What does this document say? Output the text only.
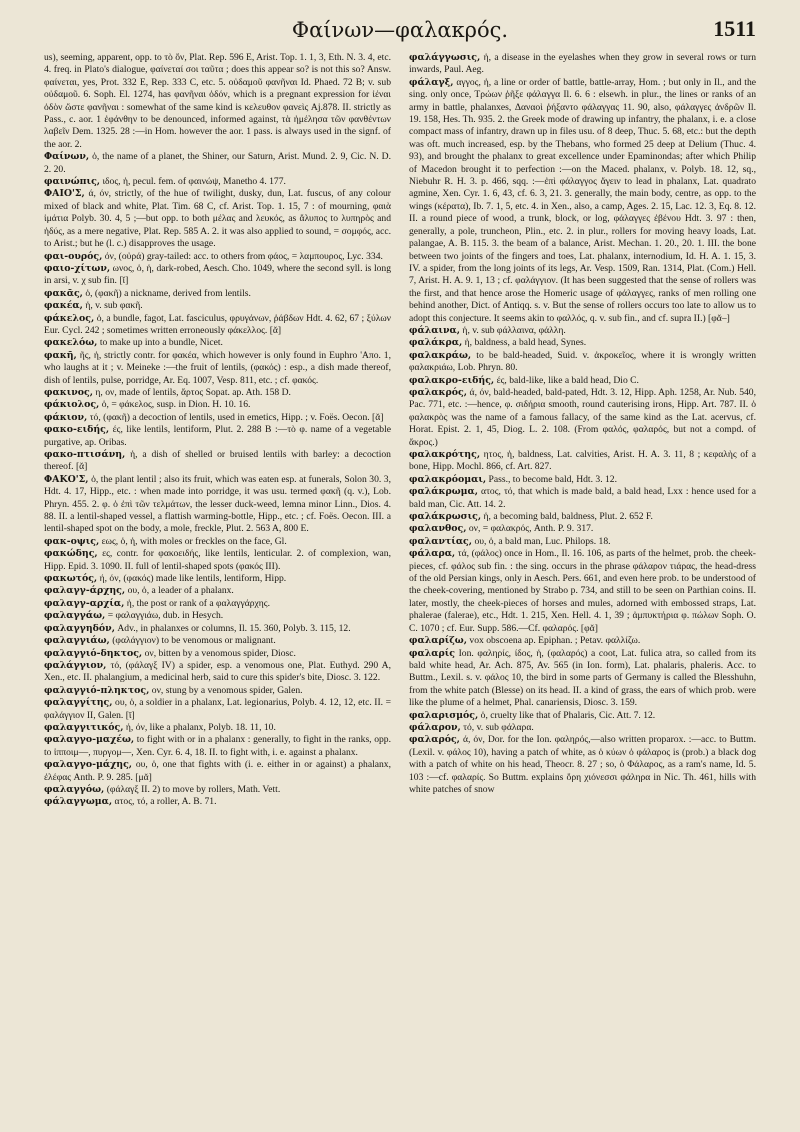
Φαίνων—φαλακρός.	1511

us), seeming, apparent, opp. to τὸ ὄν, Plat. Rep. 596 E, Arist. Top. 1. 1, 3, Eth. N. 3. 4, etc. 4. freq. in Plato's dialogue, φαίνεταί σοι ταῦτα ; does this appear so? is not this so? Answ. φαίνεται, yes, Prot. 332 E, Rep. 333 C, etc. 5. οὐδαμοῦ φανῆναι Id. Phaed. 72 B; v. sub οὐδαμοῦ. 6. Soph. El. 1274, has φανῆναι ὁδόν, which is a pregnant expression for ἰέναι ὁδὸν ὥστε φανῆναι : somewhat of the same kind is κελευθον φανεὶς Aj.878. II. strictly as Pass., c. aor. 1 ἐφάνθην to be denounced, informed against, τὰ ἠμέλησα τῶν φανθέντων λαβεῖν Dem. 1325. 28 :—in Hom. however the aor. 1 pass. is always used in the signf. of the aor. 2.

Φαίνων, ὁ, the name of a planet, the Shiner, our Saturn, Arist. Mund. 2. 9, Cic. N. D. 2. 20.

φαινώπις, ιδος, ἡ, pecul. fem. of φαινώψ, Manetho 4. 177.

ΦΑΙΟ'Σ, ά, όν, strictly, of the hue of twilight, dusky, dun, Lat. fuscus, of any colour mixed of black and white, Plat. Tim. 68 C, cf. Arist. Top. 1. 15, 7 : of mourning, φαιὰ ἱμάτια Polyb. 30. 4, 5 ;—but opp. to both μέλας and λευκός, as ἄλυπος to λυπηρὸς and ἡδύς, as a mere negative, Plat. Rep. 585 A. 2. it was also applied to sound, = σομφός, acc. to Arist.; but he (l. c.) disapproves the usage.

φαι-ουρός, όν, (οὐρά) gray-tailed: acc. to others from φάος, = λαμπουρος, Lyc. 334.

φαιο-χίτων, ωνος, ὁ, ἡ, dark-robed, Aesch. Cho. 1049, where the second syll. is long in arsi, v. χ sub fin. [ῐ]

φακᾶς, ὁ, (φακῆ) a nickname, derived from lentils.

φακέα, ἡ, v. sub φακῆ.

φάκελος, ὁ, a bundle, fagot, Lat. fasciculus, φρυγάνων, ῥάβδων Hdt. 4. 62, 67 ; ξύλων Eur. Cycl. 242 ; sometimes written erroneously φάκελλος. [ᾰ]

φακελόω, to make up into a bundle, Nicet.

φακῆ, ῆς, ἡ, strictly contr. for φακέα, which however is only found in Euphro 'Απο. 1, who laughs at it ; v. Meineke :—the fruit of lentils, (φακός) : esp., a dish made thereof, dish of lentils, pulse, porridge, Ar. Eq. 1007, Vesp. 811, etc. ; cf. φακός.

φακινος, η, ον, made of lentils, ἄρτος Sopat. ap. Ath. 158 D.

φάκιολος, ὁ, = φάκελος, susp. in Dion. H. 10. 16.

φάκιον, τό, (φακῆ) a decoction of lentils, used in emetics, Hipp. ; v. Foës. Oecon. [ᾰ]

φακο-ειδής, ές, like lentils, lentiform, Plut. 2. 288 B :—τὸ φ. name of a vegetable purgative, ap. Oribas.

φακο-πτισάνη, ἡ, a dish of shelled or bruised lentils with barley: a decoction thereof. [ᾰ]

ΦΑΚΟ'Σ, ὁ, the plant lentil ; also its fruit, which was eaten esp. at funerals, Solon 30. 3, Hdt. 4. 17, Hipp., etc. : when made into porridge, it was usu. termed φακῆ (q. v.), Lob. Phryn. 455. 2. φ. ὁ ἐπὶ τῶν τελμάτων, the lesser duck-weed, lemna minor Linn., Dios. 4. 88. II. a lentil-shaped vessel, a flattish warming-bottle, Hipp., etc. ; cf. Foës. Oecon. III. a lentil-shaped spot on the body, a mole, freckle, Plut. 2. 563 A, 800 E.

φακ-οψις, εως, ὁ, ἡ, with moles or freckles on the face, Gl.

φακώδης, ες, contr. for φακοειδής, like lentils, lenticular. 2. of complexion, wan, Hipp. Epid. 3. 1090. II. full of lentil-shaped spots (φακός III).

φακωτός, ή, όν, (φακός) made like lentils, lentiform, Hipp.

φαλαγγ-άρχης, ου, ὁ, a leader of a phalanx.

φαλαγγ-αρχία, ἡ, the post or rank of a φαλαγγάρχης.

φαλαγγάω, = φαλαγγιάω, dub. in Hesych.

φαλαγγηδόν, Adv., in phalanxes or columns, Il. 15. 360, Polyb. 3. 115, 12.

φαλαγγιάω, (φαλάγγιον) to be venomous or malignant.

φαλαγγιό-δηκτος, ον, bitten by a venomous spider, Diosc.

φαλάγγιον, τό, (φάλαγξ IV) a spider, esp. a venomous one, Plat. Euthyd. 290 A, Xen., etc. II. phalangium, a medicinal herb, said to cure this spider's bite, Diosc. 3. 122.

φαλαγγιό-πληκτος, ον, stung by a venomous spider, Galen.

φαλαγγίτης, ου, ὁ, a soldier in a phalanx, Lat. legionarius, Polyb. 4. 12, 12, etc. II. = φαλάγγιον II, Galen. [ῑ]

φαλαγγιτικός, ή, όν, like a phalanx, Polyb. 18. 11, 10.

φαλαγγο-μαχέω, to fight with or in a phalanx : generally, to fight in the ranks, opp. to ἱπποιμ—, πυργομ—, Xen. Cyr. 6. 4, 18. II. to fight with, i. e. against a phalanx.

φαλαγγο-μάχης, ου, ὁ, one that fights with (i. e. either in or against) a phalanx, ἐλέφας Anth. P. 9. 285. [μᾰ]

φαλαγγόω, (φάλαγξ II. 2) to move by rollers, Math. Vett.

φάλαγγωμα, ατος, τό, a roller, A. B. 71.

φαλάγγωσις, ἡ, a disease in the eyelashes when they grow in several rows or turn inwards, Paul. Aeg.

φάλαγξ, αγγος, ἡ, a line or order of battle, battle-array, Hom. ; but only in Il., and the sing. only once, Τρώων ῥῆξε φάλαγγα Il. 6. 6 : elsewh. in plur., the lines or ranks of an army in battle, phalanxes, Δαναοὶ ῥήξαντο φάλαγγας 11. 90, also, φάλαγγες ἀνδρῶν Il. 19. 158, Hes. Th. 935. 2. the Greek mode of drawing up infantry, the phalanx, i. e. a close compact mass of infantry, drawn up in files usu. of 8 deep, Thuc. 5. 68, etc.: but the depth was oft. much increased, esp. by the Thebans, who formed 25 deep at Delium (Thuc. 4. 93), and brought the phalanx to great excellence under Epaminondas; after which Philip of Macedon brought it to perfection :—on the Maced. phalanx, v. Polyb. 18. 12, sq., Niebuhr R. H. 3. p. 466, sqq. :—ἐπὶ φάλαγγος ἄγειν to lead in phalanx, Lat. quadrato agmine, Xen. Cyr. 1. 6, 43, cf. 6. 3, 21. 3. generally, the main body, centre, as opp. to the wings (κέρατα), Ib. 7. 1, 5, etc. 4. in Xen., also, a camp, Ages. 2. 15, Lac. 12. 3, Eq. 8. 12. II. a round piece of wood, a trunk, block, or log, φάλαγγες ἐβένου Hdt. 3. 97 : then, generally, a pole, truncheon, Plin., etc. 2. in plur., rollers for moving heavy loads, Lat. palangae, A. B. 115. 3. the beam of a balance, Arist. Mechan. 1. 20., 20. 1. III. the bone between two joints of the fingers and toes, Lat. phalanx, internodium, Id. H. A. 1. 15, 3. IV. a spider, from the long joints of its legs, Ar. Vesp. 1509, Ran. 1314, Plat. (Com.) Hell. 7, Arist. H. A. 9. 1, 13 ; cf. φαλάγγιον. (It has been suggested that the sense of rollers was the first, and that hence arose the Homeric usage of φάλαγγες, ranks of men rolling one behind another, Dict. of Antiqq. s. v. But the sense of rollers occurs too late to allow us to adopt this conjecture. It seems akin to φαλλός, q. v. sub fin., and cf. supra II.) [φᾰ–]

φάλαινα, ἡ, v. sub φάλλαινα, φάλλη.

φαλάκρα, ἡ, baldness, a bald head, Synes.

φαλακράω, to be bald-headed, Suid. v. ἀκροκεῖος, where it is wrongly written φαλακριάω, Lob. Phryn. 80.

φαλακρο-ειδής, ές, bald-like, like a bald head, Dio C.

φαλακρός, ά, όν, bald-headed, bald-pated, Hdt. 3. 12, Hipp. Aph. 1258, Ar. Nub. 540, Pac. 771, etc. :—hence, φ. σιδήρια smooth, round cauterising irons, Hipp. Art. 787. II. ὁ φαλακρὸς was the name of a famous fallacy, of the same kind as the Lat. acervus, cf. Horat. Epist. 2. 1, 45, Diog. L. 2. 108. (From φαλός, φαλαρός, but not a compd. of ἄκρος.)

φαλακρότης, ητος, ἡ, baldness, Lat. calvities, Arist. H. A. 3. 11, 8 ; κεφαλὴς of a bone, Hipp. Mochl. 866, cf. Art. 827.

φαλακρόομαι, Pass., to become bald, Hdt. 3. 12.

φαλάκρωμα, ατος, τό, that which is made bald, a bald head, Lxx : hence used for a bald man, Cic. Att. 14. 2.

φαλάκρωσις, ἡ, a becoming bald, baldness, Plut. 2. 652 F.

φαλανθος, ον, = φαλακρός, Anth. P. 9. 317.

φαλαντίας, ου, ὁ, a bald man, Luc. Philops. 18.

φάλαρα, τά, (φάλος) once in Hom., Il. 16. 106, as parts of the helmet, prob. the cheek-pieces, cf. φάλος sub fin. : the sing. occurs in the phrase φάλαρον τιάρας, the head-dress of the old Persian kings, only in Aesch. Pers. 661, and even here prob. to be understood of the cheek-covering, mentioned by Strabo p. 734, and still to be seen on Parthian coins. II. later, mostly, the cheek-pieces of horses and mules, adorned with embossed straps, Lat. phalerae (falerae), etc., Hdt. 1. 215, Xen. Hell. 4. 1, 39 ; ἀμπυκτήρια φ. πώλων Soph. O. C. 1070 ; cf. Eur. Supp. 586.—Cf. φαλαρός. [φᾰ]

φαλαρίζω, vox obscoena ap. Epiphan. ; Petav. φαλλίζω.

φαλαρίς Ion. φαληρίς, ίδος, ἡ, (φαλαρός) a coot, Lat. fulica atra, so called from its bald white head, Ar. Ach. 875, Av. 565 (in Ion. form), Lat. phalaris, phaleris. Acc. to Buttm., Lexil. s. v. φάλος 10, the bird in some parts of Germany is called the Blesshuhn, from the white patch (Blesse) on its head. II. a kind of grass, the ears of which prob. were like the plume of a helmet, Phal. canariensis, Diosc. 3. 159.

φαλαρισμός, ὁ, cruelty like that of Phalaris, Cic. Att. 7. 12.

φάλαρον, τό, v. sub φάλαρα.

φαλαρός, ά, όν, Dor. for the Ion. φαληρός,—also written proparox. :—acc. to Buttm. (Lexil. v. φάλος 10), having a patch of white, as ὁ κύων ὁ φάλαρος is (prob.) a black dog with a patch of white on his head, Theocr. 8. 27 ; so, ὁ Φάλαρος, as a ram's name, Id. 5. 103 :—cf. φαλαρίς. So Buttm. explains ὄρη χιόνεσσι φάληρα in Nic. Th. 461, hills with white patches of snow
